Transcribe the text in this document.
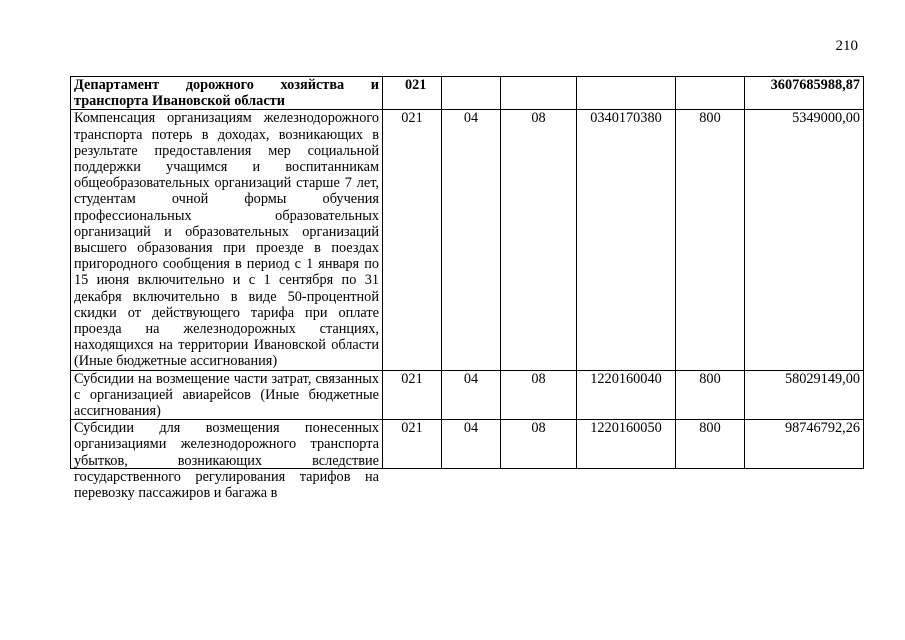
210
Департамент дорожного хозяйства и транспорта Ивановской области	021					3607685988,87
Компенсация организациям железнодорожного транспорта потерь в доходах, возникающих в результате предоставления мер социальной поддержки учащимся и воспитанникам общеобразовательных организаций старше 7 лет, студентам очной формы обучения профессиональных образовательных организаций и образовательных организаций высшего образования при проезде в поездах пригородного сообщения в период с 1 января по 15 июня включительно и с 1 сентября по 31 декабря включительно в виде 50-процентной скидки от действующего тарифа при оплате проезда на железнодорожных станциях, находящихся на территории Ивановской области (Иные бюджетные ассигнования)	021	04	08	0340170380	800	5349000,00
Субсидии на возмещение части затрат, связанных с организацией авиарейсов (Иные бюджетные ассигнования)	021	04	08	1220160040	800	58029149,00

Субсидии для возмещения понесенных организациями железнодорожного транспорта убытков, возникающих вследствие государственного регулирования тарифов на перевозку пассажиров и багажа в	021	04	08	1220160050	800	98746792,26
